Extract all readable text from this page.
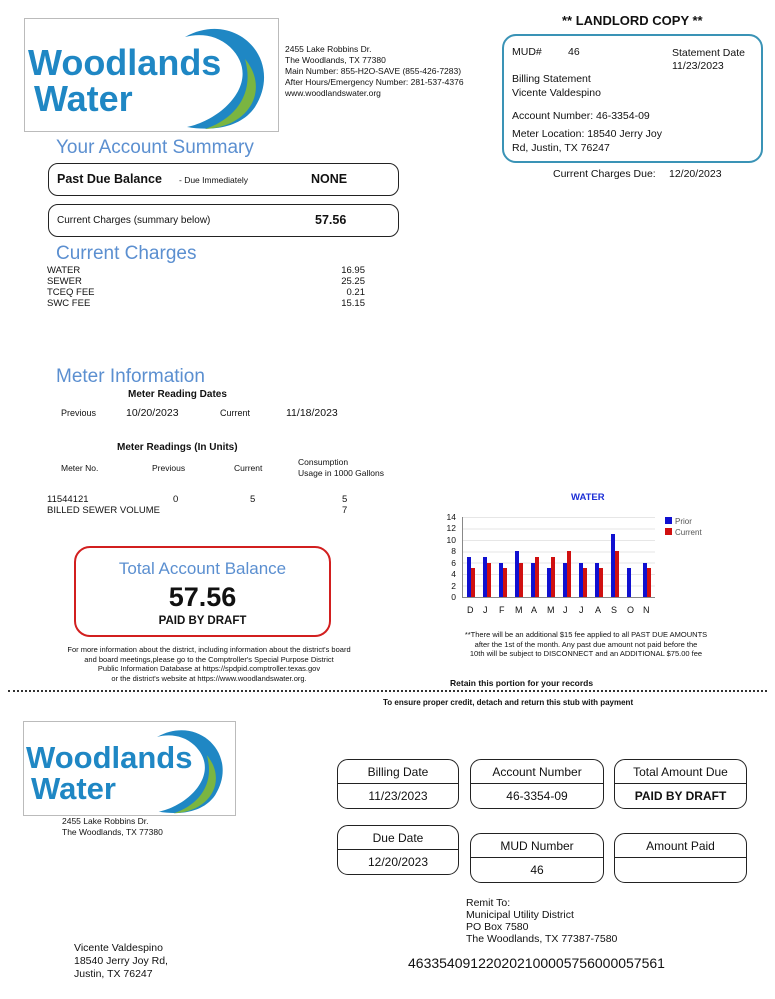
Woodlands
Water
2455 Lake Robbins Dr.
The Woodlands, TX 77380
Main Number: 855-H2O-SAVE (855-426-7283)
After Hours/Emergency Number: 281-537-4376
www.woodlandswater.org
** LANDLORD COPY **
MUD# 46	Statement Date
11/23/2023
Billing Statement
Vicente Valdespino
Account Number: 46-3354-09
Meter Location: 18540 Jerry Joy
Rd, Justin, TX 76247
Current Charges Due: 12/20/2023
Your Account Summary
Past Due Balance - Due Immediately	NONE
Current Charges (summary below)	57.56
Current Charges
WATER	16.95
SEWER	25.25
TCEQ FEE	0.21
SWC FEE	15.15
Meter Information
Meter Reading Dates
Previous	10/20/2023	Current	11/18/2023
Meter Readings (In Units)
Meter No.	Previous	Current
Consumption
Usage in 1000 Gallons
11544121	0	5	5
BILLED SEWER VOLUME	7
Total Account Balance
57.56
PAID BY DRAFT
For more information about the district, including information about the district's board
and board meetings,please go to the Comptroller's Special Purpose District
Public Information Database at https://spdpid.comptroller.texas.gov
or the district's website at https://www.woodlandswater.org.
WATER
14
12
10
8
6
4
2
0
D J F M A M J J A S O N
Prior
Current
**There will be an additional $15 fee applied to all PAST DUE AMOUNTS
after the 1st of the month. Any past due amount not paid before the
10th will be subject to DISCONNECT and an ADDITIONAL $75.00 fee
Retain this portion for your records
To ensure proper credit, detach and return this stub with payment
Woodlands
Water
2455 Lake Robbins Dr.
The Woodlands, TX 77380
Billing Date
11/23/2023
Account Number
46-3354-09
Total Amount Due
PAID BY DRAFT
Due Date
12/20/2023
MUD Number
46
Amount Paid
Remit To:
Municipal Utility District
PO Box 7580
The Woodlands, TX 77387-7580
Vicente Valdespino
18540 Jerry Joy Rd,
Justin, TX 76247
463354091220202100005756000057561
